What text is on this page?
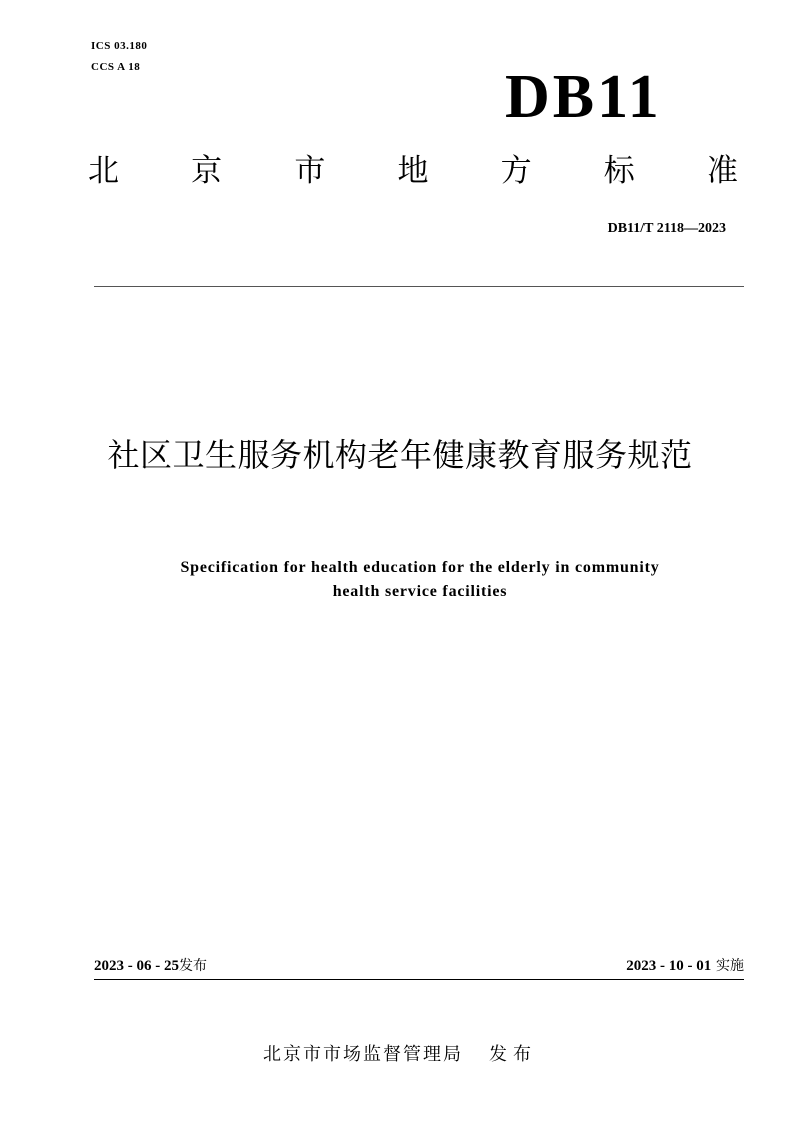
ICS 03.180
CCS A 18	DB11
北 京 市 地 方 标 准
DB11/T 2118—2023
社区卫生服务机构老年健康教育服务规范
Specification for health education for the elderly in community
health service facilities
2023 - 06 - 25发布	2023 - 10 - 01 实施
北京市市场监督管理局 发布
